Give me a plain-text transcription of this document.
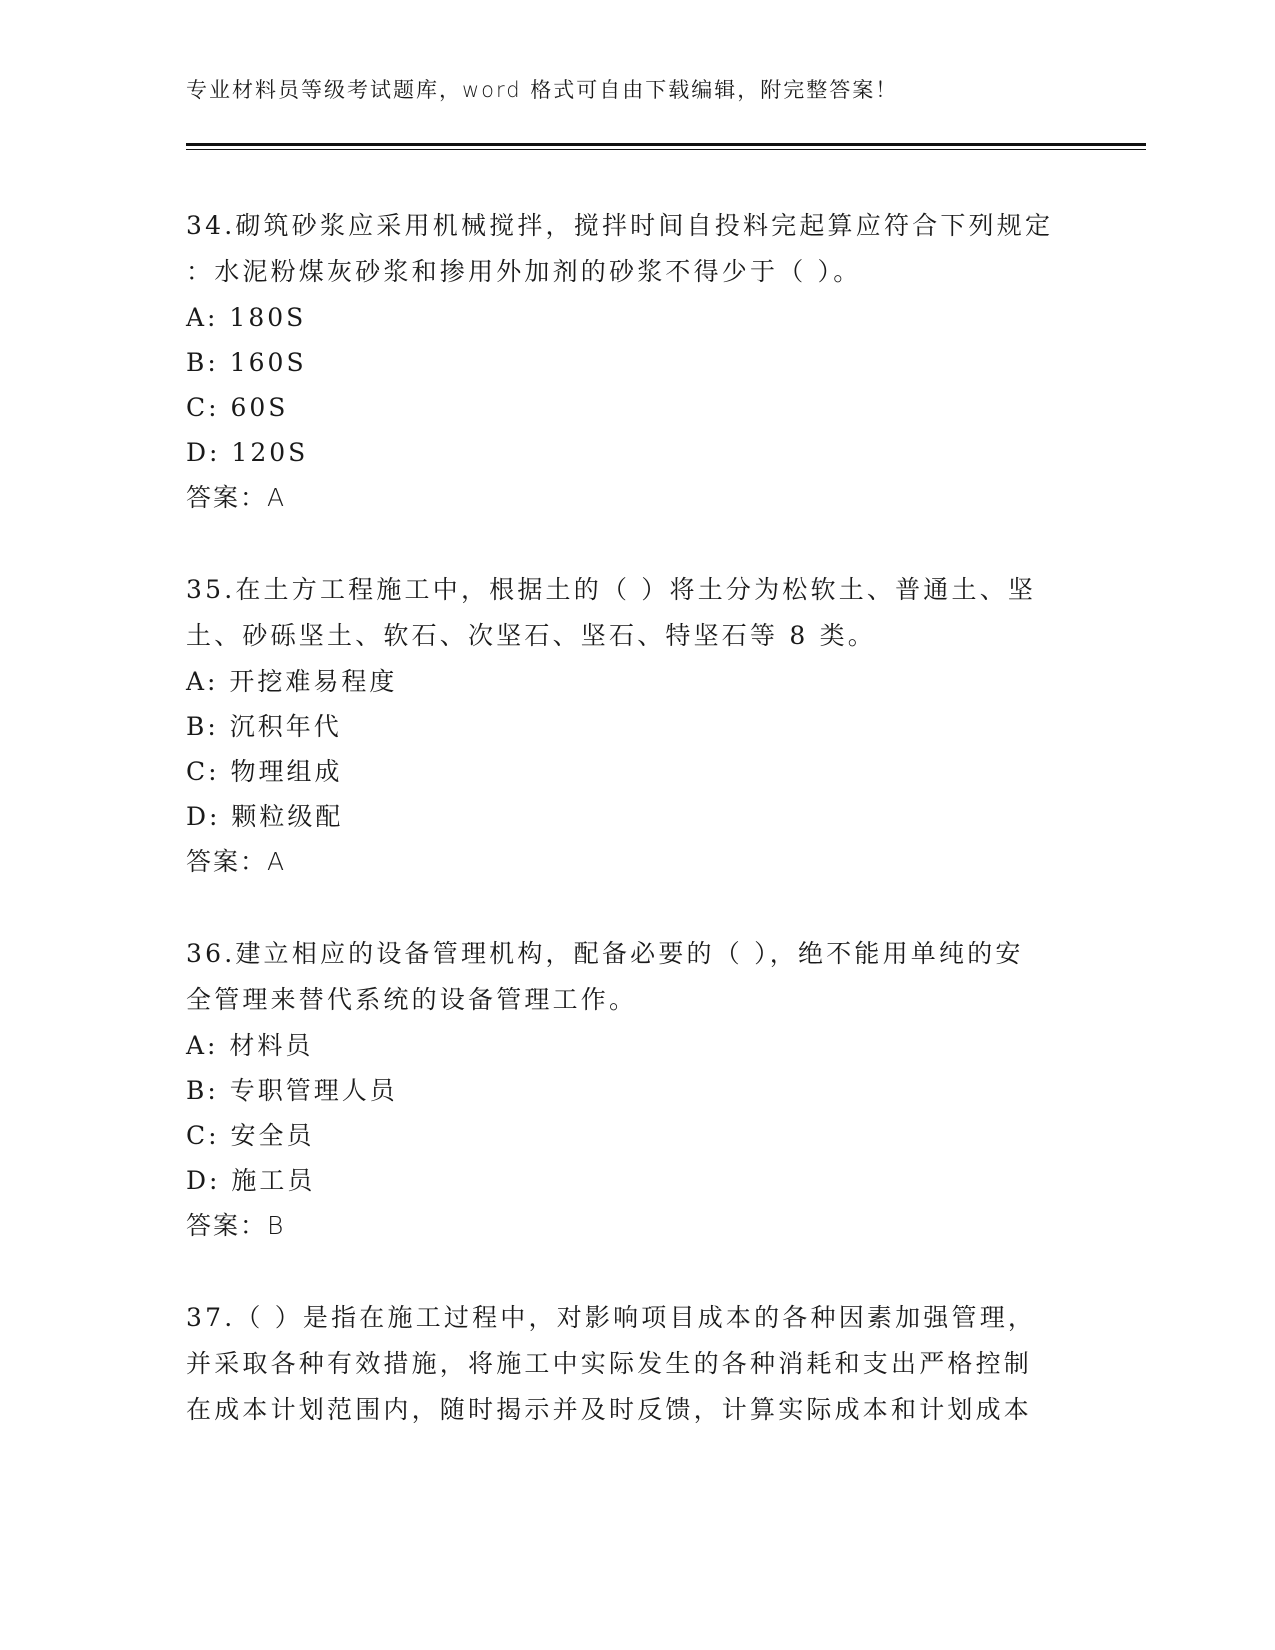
专业材料员等级考试题库，word 格式可自由下载编辑，附完整答案！

34.砌筑砂浆应采用机械搅拌，搅拌时间自投料完起算应符合下列规定
：水泥粉煤灰砂浆和掺用外加剂的砂浆不得少于（ ）。

A: 180S

B: 160S

C: 60S

D: 120S

答案：A

35.在土方工程施工中，根据土的（ ）将土分为松软土、普通土、坚
土、砂砾坚土、软石、次坚石、坚石、特坚石等 8 类。

A: 开挖难易程度

B: 沉积年代

C: 物理组成

D: 颗粒级配

答案：A

36.建立相应的设备管理机构，配备必要的（ ），绝不能用单纯的安
全管理来替代系统的设备管理工作。

A: 材料员

B: 专职管理人员

C: 安全员

D: 施工员

答案：B

37.（ ）是指在施工过程中，对影响项目成本的各种因素加强管理，
并采取各种有效措施，将施工中实际发生的各种消耗和支出严格控制
在成本计划范围内，随时揭示并及时反馈，计算实际成本和计划成本
